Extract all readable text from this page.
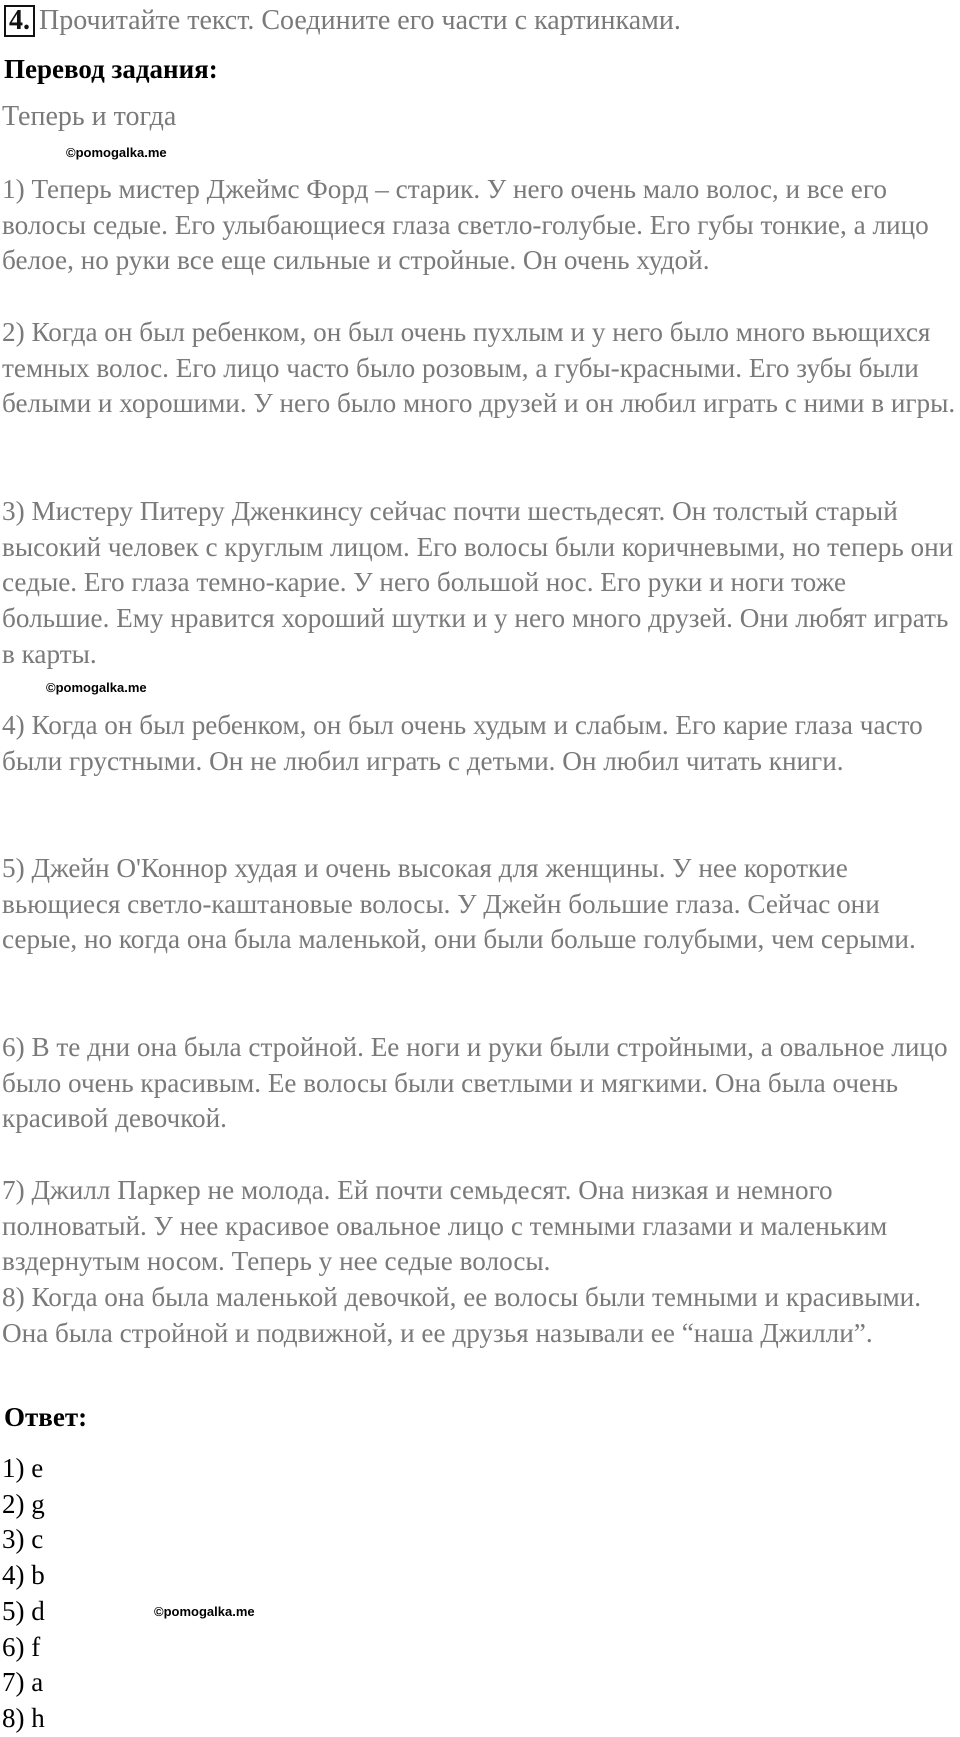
4. Прочитайте текст. Соедините его части с картинками.
Перевод задания:
Теперь и тогда
©pomogalka.me

1) Теперь мистер Джеймс Форд – старик. У него очень мало волос, и все его волосы седые. Его улыбающиеся глаза светло-голубые. Его губы тонкие, а лицо белое, но руки все еще сильные и стройные. Он очень худой.

2) Когда он был ребенком, он был очень пухлым и у него было много вьющихся темных волос. Его лицо часто было розовым, а губы-красными. Его зубы были белыми и хорошими. У него было много друзей и он любил играть с ними в игры.

3) Мистеру Питеру Дженкинсу сейчас почти шестьдесят. Он толстый старый высокий человек с круглым лицом. Его волосы были коричневыми, но теперь они седые. Его глаза темно-карие. У него большой нос. Его руки и ноги тоже большие. Ему нравится хороший шутки и у него много друзей. Они любят играть в карты.

©pomogalka.me

4) Когда он был ребенком, он был очень худым и слабым. Его карие глаза часто были грустными. Он не любил играть с детьми. Он любил читать книги.

5) Джейн О'Коннор худая и очень высокая для женщины. У нее короткие вьющиеся светло-каштановые волосы. У Джейн большие глаза. Сейчас они серые, но когда она была маленькой, они были больше голубыми, чем серыми.

6) В те дни она была стройной. Ее ноги и руки были стройными, а овальное лицо было очень красивым. Ее волосы были светлыми и мягкими. Она была очень красивой девочкой.

7) Джилл Паркер не молода. Ей почти семьдесят. Она низкая и немного полноватый. У нее красивое овальное лицо с темными глазами и маленьким вздернутым носом. Теперь у нее седые волосы.

8) Когда она была маленькой девочкой, ее волосы были темными и красивыми. Она была стройной и подвижной, и ее друзья называли ее “наша Джилли”.

Ответ:
1) e
2) g
3) c
4) b
5) d
6) f
7) a
8) h
©pomogalka.me
